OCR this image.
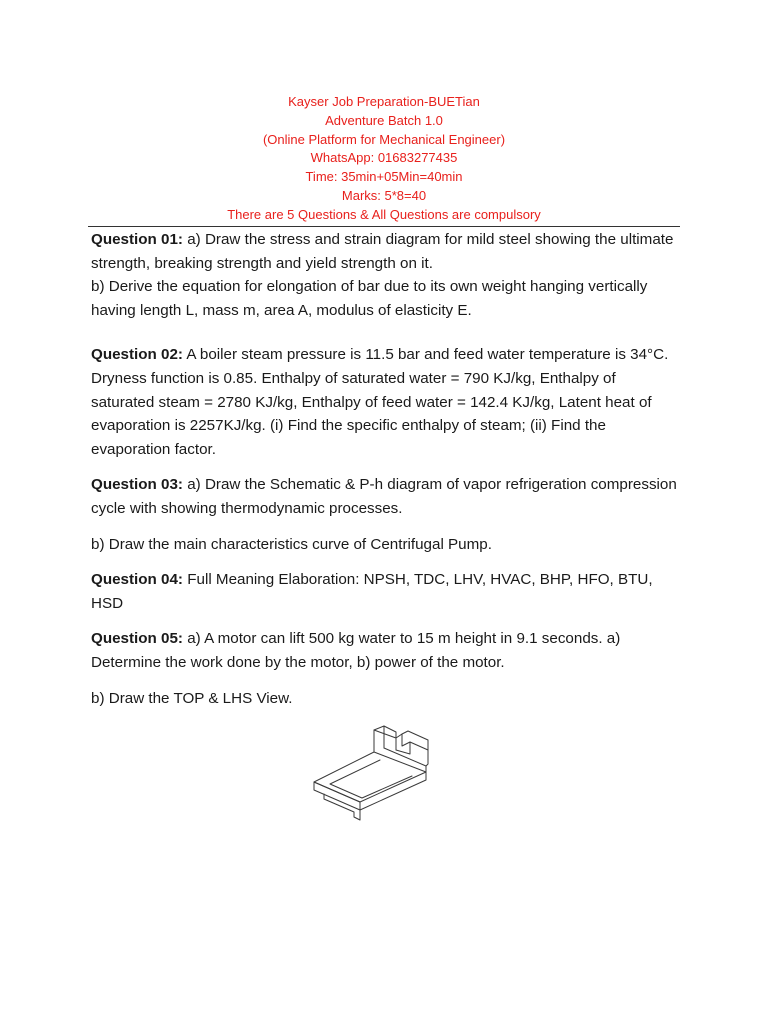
Kayser Job Preparation-BUETian
Adventure Batch 1.0
(Online Platform for Mechanical Engineer)
WhatsApp: 01683277435
Time: 35min+05Min=40min
Marks: 5*8=40
There are 5 Questions & All Questions are compulsory

Question 01: a) Draw the stress and strain diagram for mild steel showing the ultimate strength, breaking strength and yield strength on it.

b) Derive the equation for elongation of bar due to its own weight hanging vertically having length L, mass m, area A, modulus of elasticity E.

Question 02: A boiler steam pressure is 11.5 bar and feed water temperature is 34°C. Dryness function is 0.85. Enthalpy of saturated water = 790 KJ/kg, Enthalpy of saturated steam = 2780 KJ/kg, Enthalpy of feed water = 142.4 KJ/kg, Latent heat of evaporation is 2257KJ/kg. (i) Find the specific enthalpy of steam; (ii) Find the evaporation factor.

Question 03: a) Draw the Schematic & P-h diagram of vapor refrigeration compression cycle with showing thermodynamic processes.

b) Draw the main characteristics curve of Centrifugal Pump.

Question 04: Full Meaning Elaboration: NPSH, TDC, LHV, HVAC, BHP, HFO, BTU, HSD

Question 05: a) A motor can lift 500 kg water to 15 m height in 9.1 seconds. a) Determine the work done by the motor, b) power of the motor.

b) Draw the TOP & LHS View.
